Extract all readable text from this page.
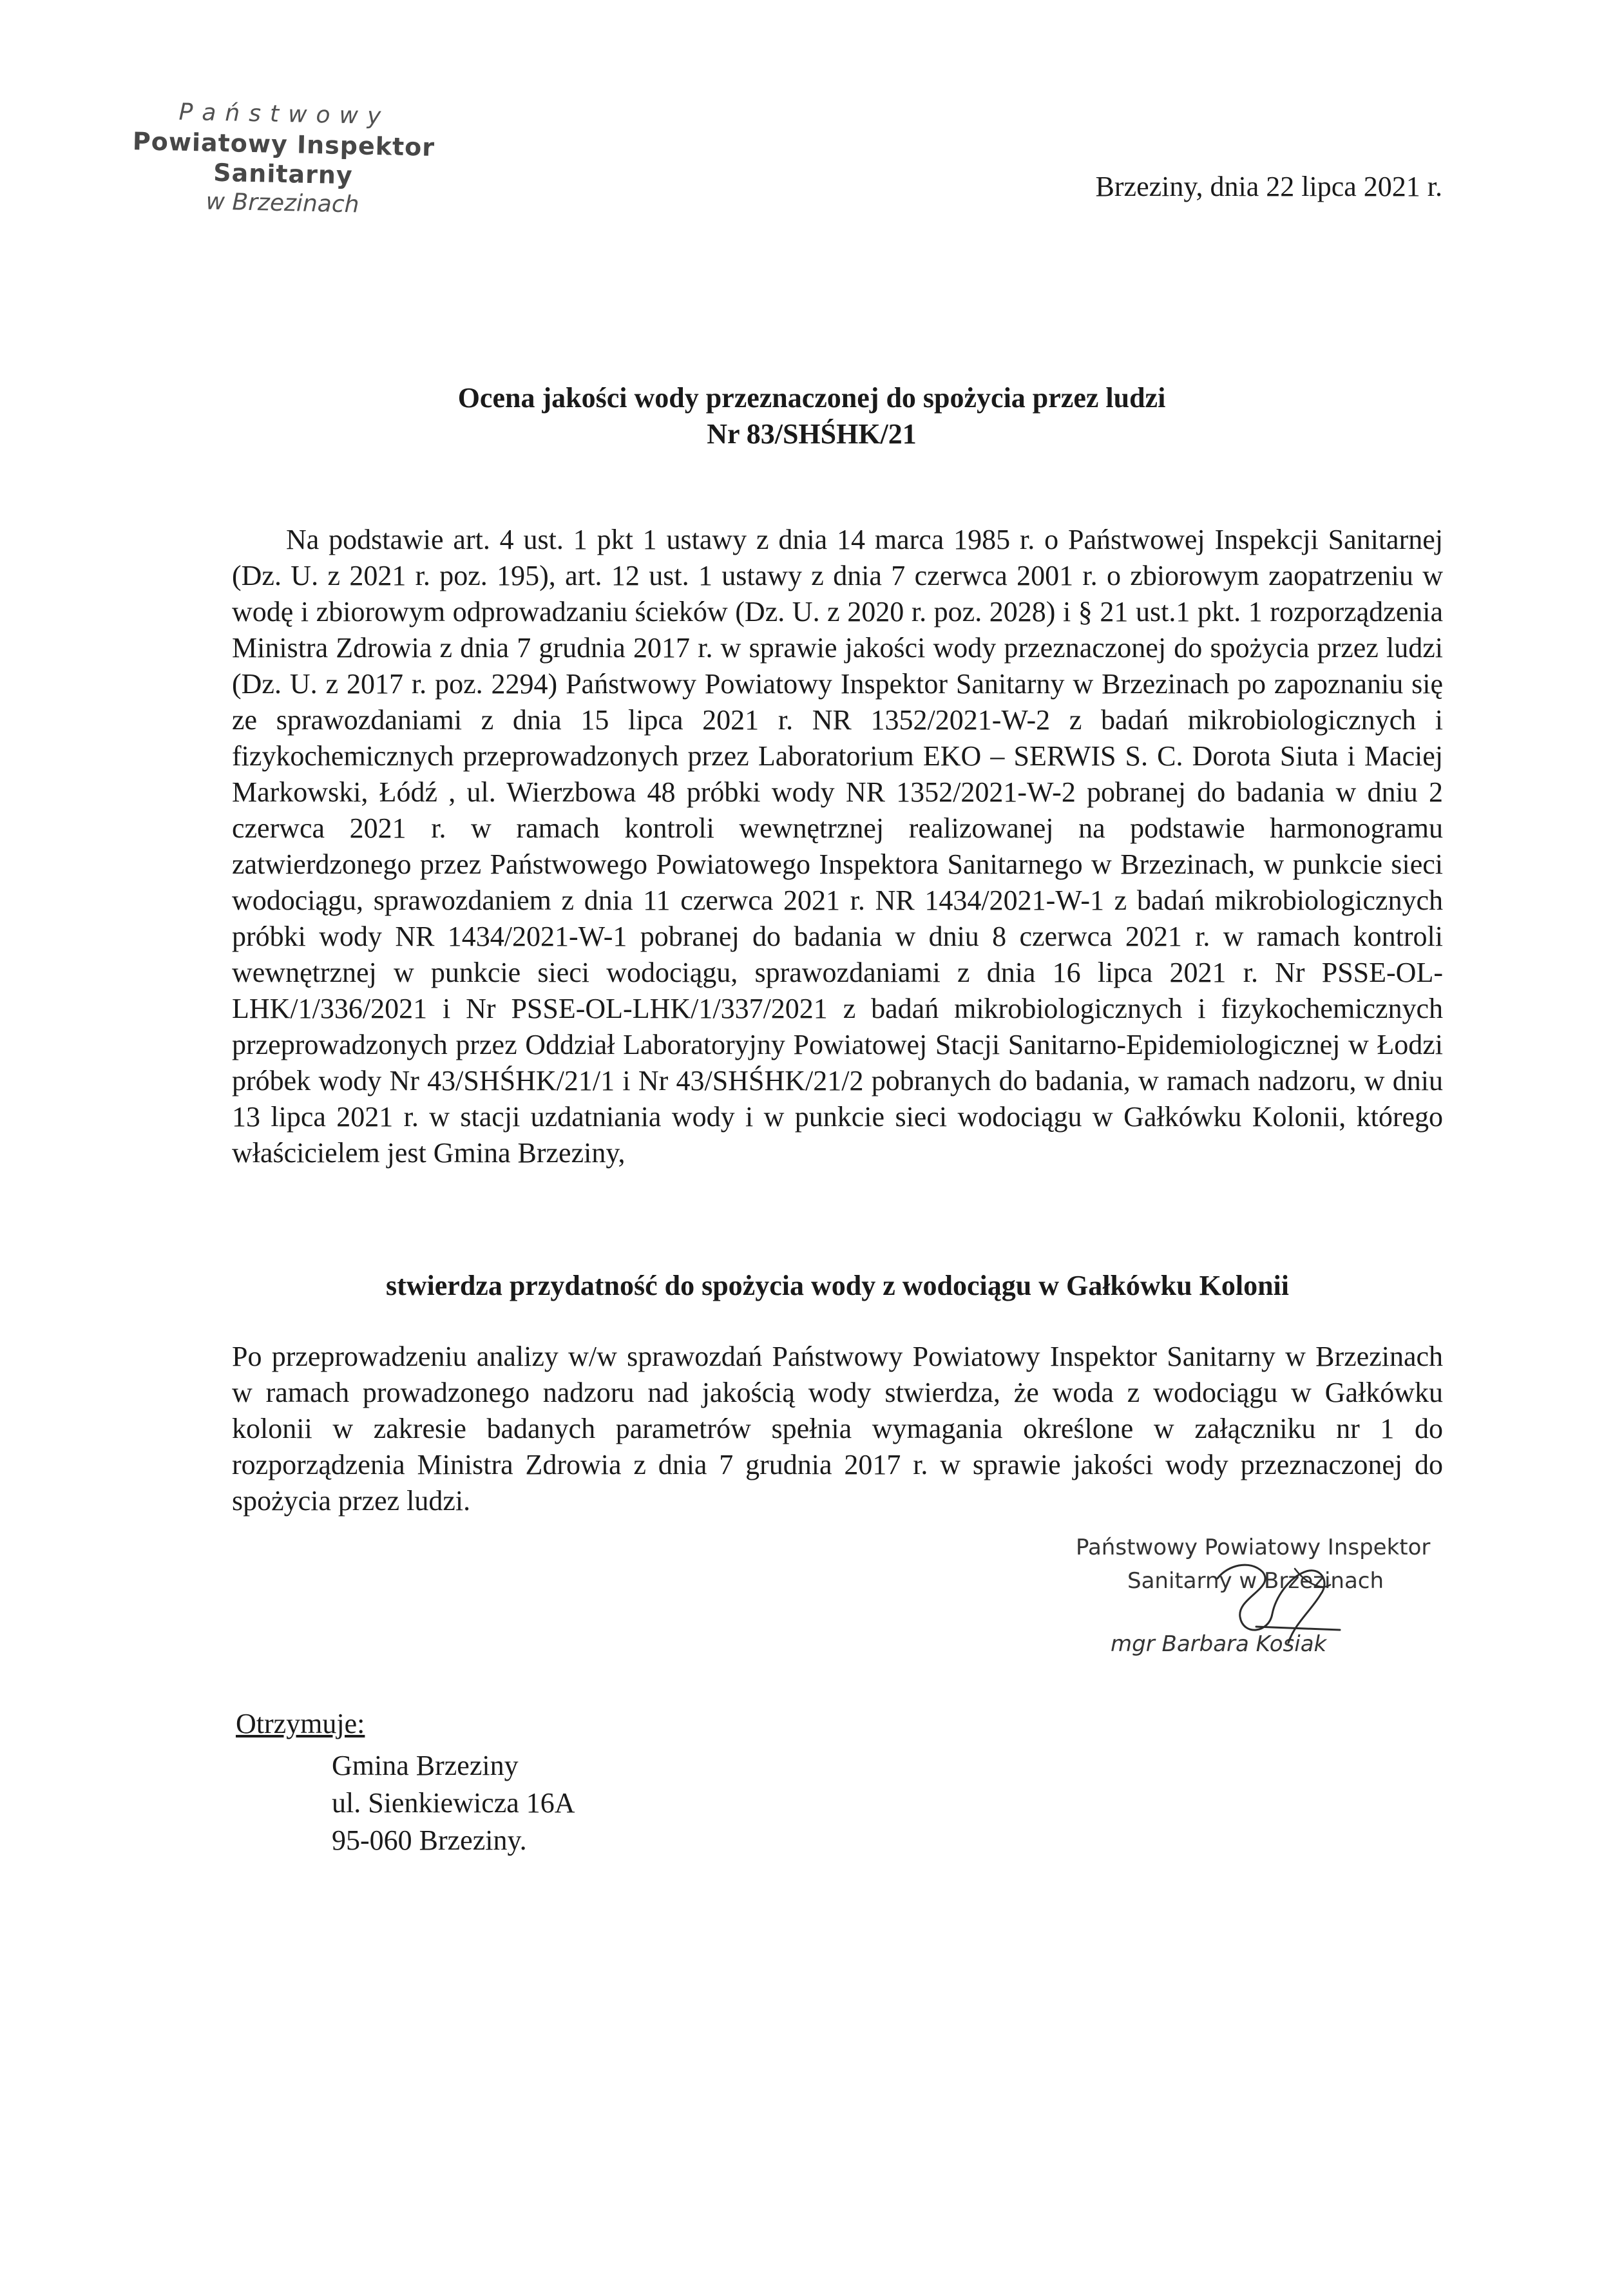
Państwowy
Powiatowy Inspektor Sanitarny
w Brzezinach
Brzeziny, dnia 22 lipca 2021 r.
Ocena jakości wody przeznaczonej do spożycia przez ludzi
Nr 83/SHŚHK/21
Na podstawie art. 4 ust. 1 pkt 1 ustawy z dnia 14 marca 1985 r. o Państwowej Inspekcji Sanitarnej (Dz. U. z 2021 r. poz. 195), art. 12 ust. 1 ustawy z dnia 7 czerwca 2001 r. o zbiorowym zaopatrzeniu w wodę i zbiorowym odprowadzaniu ścieków (Dz. U. z 2020 r. poz. 2028) i § 21 ust.1 pkt. 1 rozporządzenia Ministra Zdrowia z dnia 7 grudnia 2017 r. w sprawie jakości wody przeznaczonej do spożycia przez ludzi (Dz. U. z 2017 r. poz. 2294) Państwowy Powiatowy Inspektor Sanitarny w Brzezinach po zapoznaniu się ze sprawozdaniami z dnia 15 lipca 2021 r. NR 1352/2021-W-2 z badań mikrobiologicznych i fizykochemicznych przeprowadzonych przez Laboratorium EKO – SERWIS S. C. Dorota Siuta i Maciej Markowski, Łódź , ul. Wierzbowa 48 próbki wody NR 1352/2021-W-2 pobranej do badania w dniu 2 czerwca 2021 r. w ramach kontroli wewnętrznej realizowanej na podstawie harmonogramu zatwierdzonego przez Państwowego Powiatowego Inspektora Sanitarnego w Brzezinach, w punkcie sieci wodociągu, sprawozdaniem z dnia 11 czerwca 2021 r. NR 1434/2021-W-1 z badań mikrobiologicznych próbki wody NR 1434/2021-W-1 pobranej do badania w dniu 8 czerwca 2021 r. w ramach kontroli wewnętrznej w punkcie sieci wodociągu, sprawozdaniami z dnia 16 lipca 2021 r. Nr PSSE-OL-LHK/1/336/2021 i Nr PSSE-OL-LHK/1/337/2021 z badań mikrobiologicznych i fizykochemicznych przeprowadzonych przez Oddział Laboratoryjny Powiatowej Stacji Sanitarno-Epidemiologicznej w Łodzi próbek wody Nr 43/SHŚHK/21/1 i Nr 43/SHŚHK/21/2 pobranych do badania, w ramach nadzoru, w dniu 13 lipca 2021 r. w stacji uzdatniania wody i w punkcie sieci wodociągu w Gałkówku Kolonii, którego właścicielem jest Gmina Brzeziny,
stwierdza przydatność do spożycia wody z wodociągu w Gałkówku Kolonii
Po przeprowadzeniu analizy w/w sprawozdań Państwowy Powiatowy Inspektor Sanitarny w Brzezinach w ramach prowadzonego nadzoru nad jakością wody stwierdza, że woda z wodociągu w Gałkówku kolonii w zakresie badanych parametrów spełnia wymagania określone w załączniku nr 1 do rozporządzenia Ministra Zdrowia z dnia 7 grudnia 2017 r. w sprawie jakości wody przeznaczonej do spożycia przez ludzi.
Państwowy Powiatowy Inspektor
Sanitarny w Brzezinach
mgr Barbara Kosiak
Otrzymuje:
Gmina Brzeziny
ul. Sienkiewicza 16A
95-060 Brzeziny.
